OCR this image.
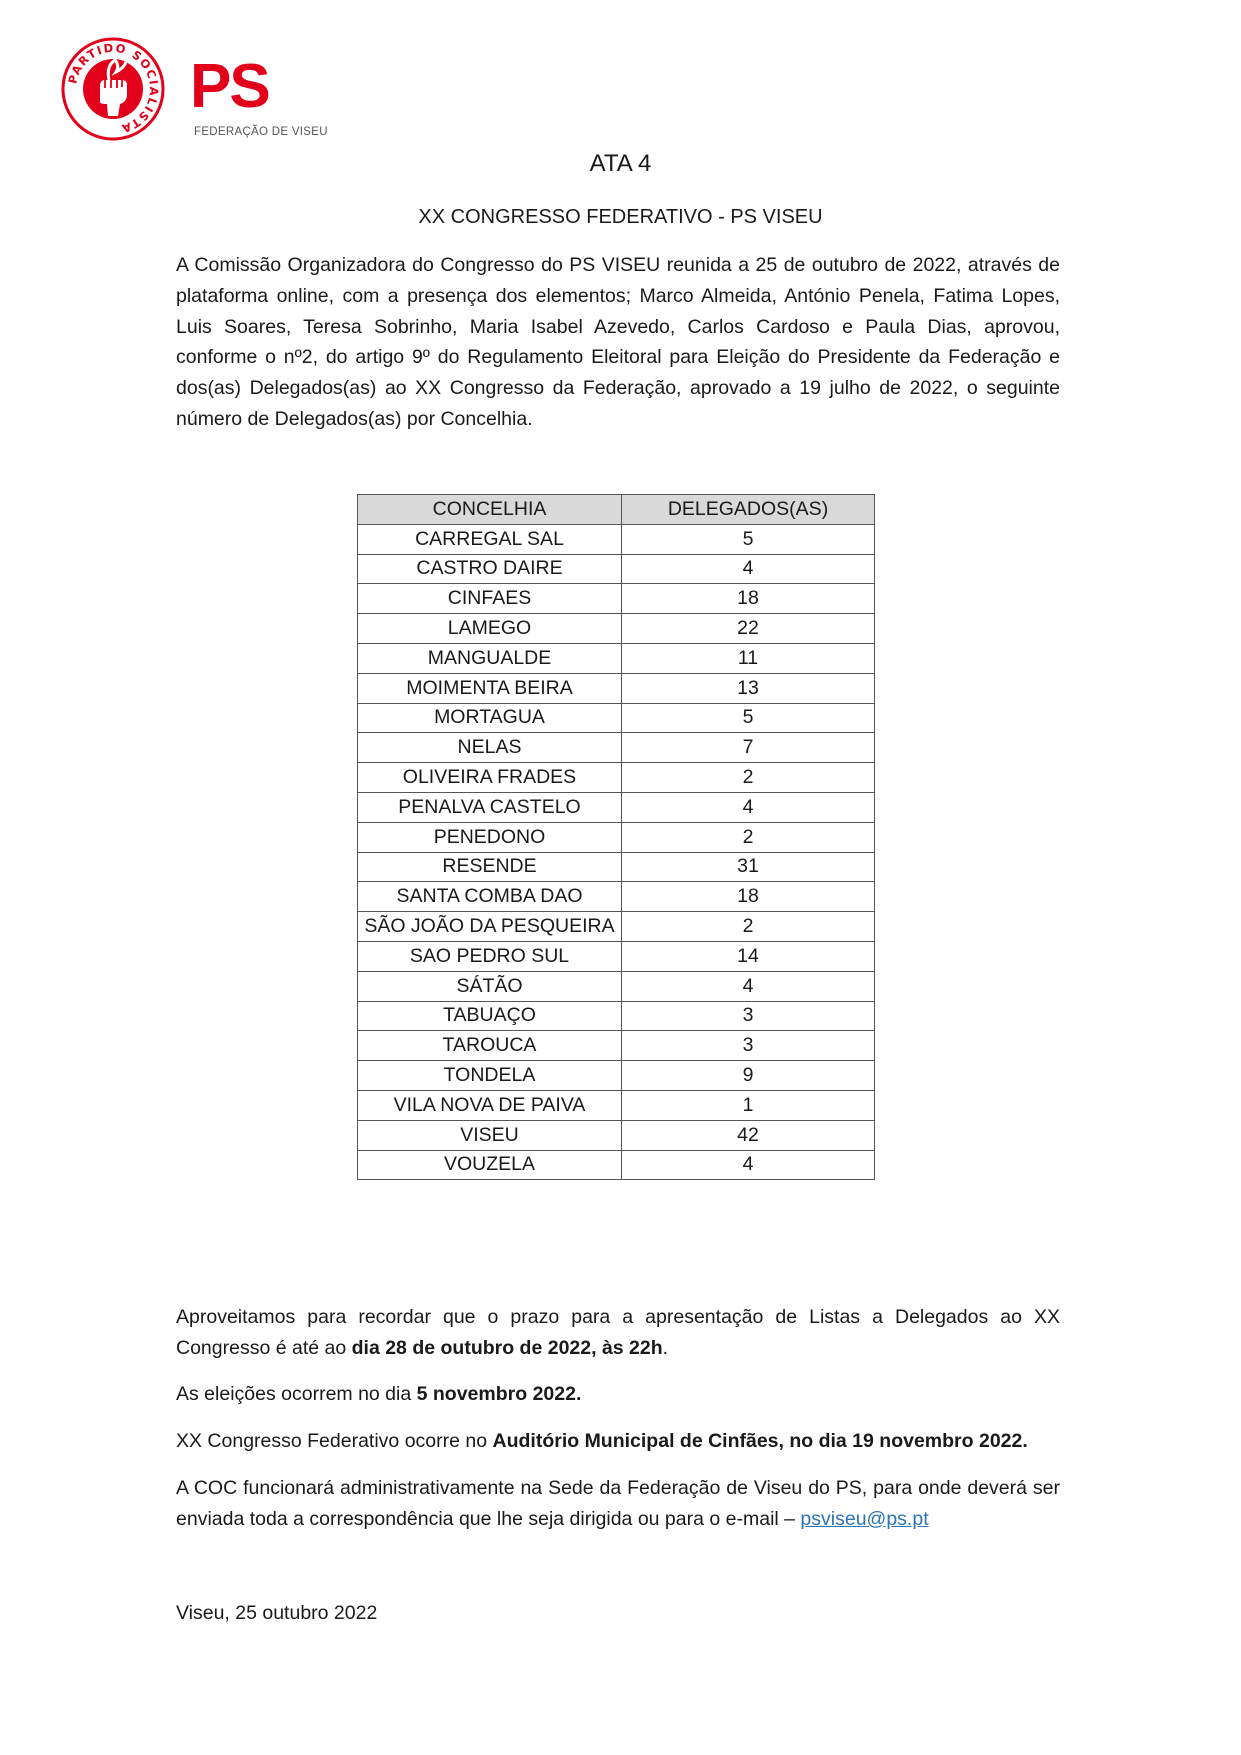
PARTIDO SOCIALISTA
PS
FEDERAÇÃO DE VISEU
ATA 4
XX CONGRESSO FEDERATIVO - PS VISEU
A Comissão Organizadora do Congresso do PS VISEU reunida a 25 de outubro de 2022, através de plataforma online, com a presença dos elementos; Marco Almeida, António Penela, Fatima Lopes, Luis Soares, Teresa Sobrinho, Maria Isabel Azevedo, Carlos Cardoso e Paula Dias, aprovou, conforme o nº2, do artigo 9º do Regulamento Eleitoral para Eleição do Presidente da Federação e dos(as) Delegados(as) ao XX Congresso da Federação, aprovado a 19 julho de 2022, o seguinte número de Delegados(as) por Concelhia.
CONCELHIA	DELEGADOS(AS)
CARREGAL SAL	5
CASTRO DAIRE	4
CINFAES	18
LAMEGO	22
MANGUALDE	11
MOIMENTA BEIRA	13
MORTAGUA	5
NELAS	7
OLIVEIRA FRADES	2
PENALVA CASTELO	4
PENEDONO	2
RESENDE	31
SANTA COMBA DAO	18
SÃO JOÃO DA PESQUEIRA	2
SAO PEDRO SUL	14
SÁTÃO	4
TABUAÇO	3
TAROUCA	3
TONDELA	9
VILA NOVA DE PAIVA	1
VISEU	42
VOUZELA	4
Aproveitamos para recordar que o prazo para a apresentação de Listas a Delegados ao XX Congresso é até ao dia 28 de outubro de 2022, às 22h.
As eleições ocorrem no dia 5 novembro 2022.
XX Congresso Federativo ocorre no Auditório Municipal de Cinfães, no dia 19 novembro 2022.
A COC funcionará administrativamente na Sede da Federação de Viseu do PS, para onde deverá ser enviada toda a correspondência que lhe seja dirigida ou para o e-mail – psviseu@ps.pt
Viseu, 25 outubro 2022
